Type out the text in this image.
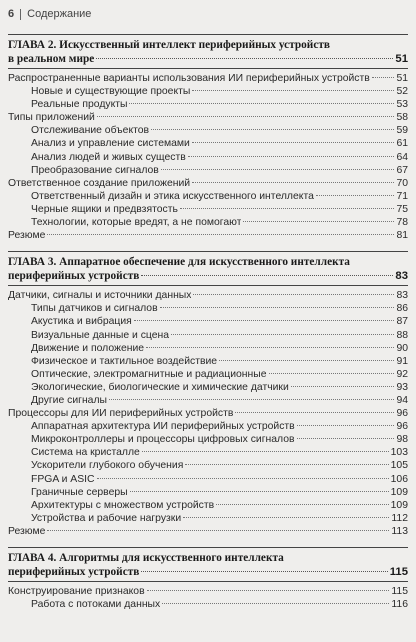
6 Содержание
ГЛАВА 2. Искусственный интеллект периферийных устройств
в реальном мире	51
Распространенные варианты использования ИИ периферийных устройств	51
Новые и существующие проекты	52
Реальные продукты	53
Типы приложений	58
Отслеживание объектов	59
Анализ и управление системами	61
Анализ людей и живых существ	64
Преобразование сигналов	67
Ответственное создание приложений	70
Ответственный дизайн и этика искусственного интеллекта	71
Черные ящики и предвзятость	75
Технологии, которые вредят, а не помогают	78
Резюме	81
ГЛАВА 3. Аппаратное обеспечение для искусственного интеллекта
периферийных устройств	83
Датчики, сигналы и источники данных	83
Типы датчиков и сигналов	86
Акустика и вибрация	87
Визуальные данные и сцена	88
Движение и положение	90
Физическое и тактильное воздействие	91
Оптические, электромагнитные и радиационные	92
Экологические, биологические и химические датчики	93
Другие сигналы	94
Процессоры для ИИ периферийных устройств	96
Аппаратная архитектура ИИ периферийных устройств	96
Микроконтроллеры и процессоры цифровых сигналов	98
Система на кристалле	103
Ускорители глубокого обучения	105
FPGA и ASIC	106
Граничные серверы	109
Архитектуры с множеством устройств	109
Устройства и рабочие нагрузки	112
Резюме	113
ГЛАВА 4. Алгоритмы для искусственного интеллекта
периферийных устройств	115
Конструирование признаков	115
Работа с потоками данных	116
